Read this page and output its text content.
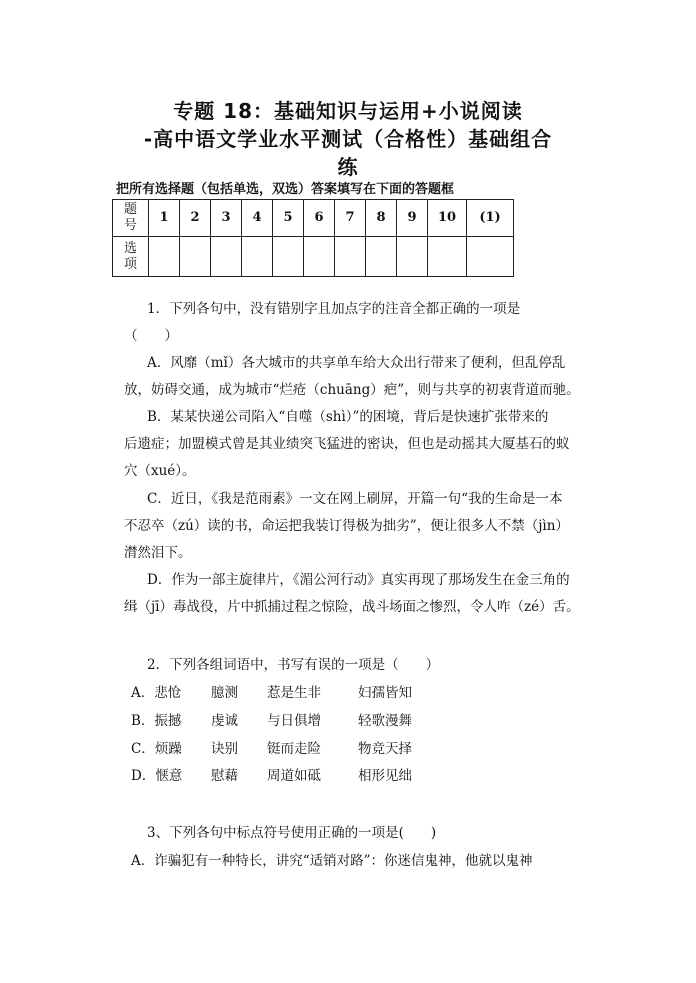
专题 18：基础知识与运用+小说阅读
-高中语文学业水平测试（合格性）基础组合
练
把所有选择题（包括单选，双选）答案填写在下面的答题框
题
号	1	2	3	4	5	6	7	8	9	10	(1)

选
项											

1．下列各句中，没有错别字且加点字的注音全都正确的一项是
（　　）
A．风靡（mǐ）各大城市的共享单车给大众出行带来了便利，但乱停乱
放，妨碍交通，成为城市“烂疮（chuāng）疤”，则与共享的初衷背道而驰。
B．某某快递公司陷入“自噬（shì）”的困境，背后是快速扩张带来的
后遗症；加盟模式曾是其业绩突飞猛进的密诀，但也是动摇其大厦基石的蚁
穴（xué）。
C．近日，《我是范雨素》一文在网上刷屏，开篇一句“我的生命是一本
不忍卒（zú）读的书，命运把我装订得极为拙劣”，便让很多人不禁（jìn）
潸然泪下。
D．作为一部主旋律片，《湄公河行动》真实再现了那场发生在金三角的
缉（jī）毒战役，片中抓捕过程之惊险，战斗场面之惨烈，令人咋（zé）舌。
2．下列各组词语中，书写有误的一项是（　　）
A．悲怆 臆测 惹是生非	妇孺皆知
B．振撼 虔诚 与日俱增	轻歌漫舞
C．烦躁 诀别 铤而走险	物竞天择
D．惬意 慰藉 周道如砥	相形见绌
3、下列各句中标点符号使用正确的一项是(　　)
A．诈骗犯有一种特长，讲究“适销对路”：你迷信鬼神，他就以鬼神
